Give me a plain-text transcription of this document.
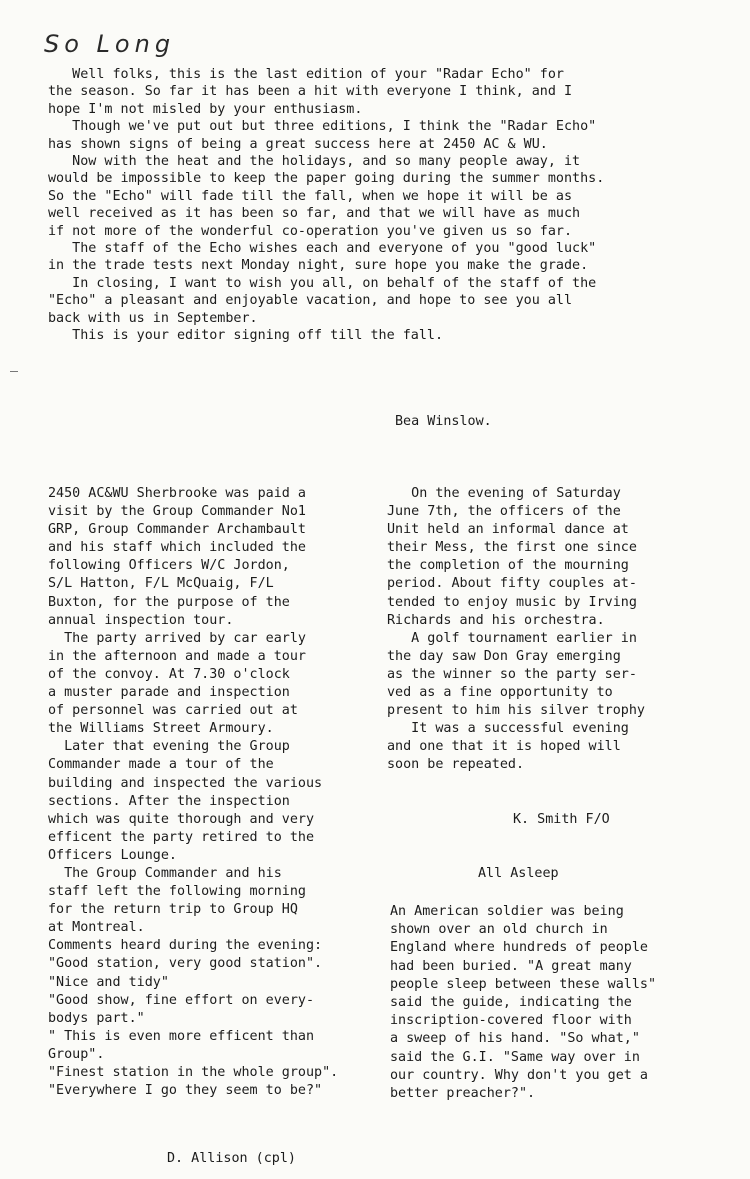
So Long

Well folks, this is the last edition of your "Radar Echo" for

the season. So far it has been a hit with everyone I think, and I

hope I'm not misled by your enthusiasm.

Though we've put out but three editions, I think the "Radar Echo"

has shown signs of being a great success here at 2450 AC & WU.

Now with the heat and the holidays, and so many people away, it

would be impossible to keep the paper going during the summer months.

So the "Echo" will fade till the fall, when we hope it will be as

well received as it has been so far, and that we will have as much

if not more of the wonderful co-operation you've given us so far.

The staff of the Echo wishes each and everyone of you "good luck"

in the trade tests next Monday night, sure hope you make the grade.

In closing, I want to wish you all, on behalf of the staff of the

"Echo" a pleasant and enjoyable vacation, and hope to see you all

back with us in September.

This is your editor signing off till the fall.

Bea Winslow.

2450 AC&WU Sherbrooke was paid a

visit by the Group Commander No1

GRP, Group Commander Archambault

and his staff which included the

following Officers W/C Jordon,

S/L Hatton, F/L McQuaig, F/L

Buxton, for the purpose of the

annual inspection tour.

The party arrived by car early

in the afternoon and made a tour

of the convoy. At 7.30 o'clock

a muster parade and inspection

of personnel was carried out at

the Williams Street Armoury.

Later that evening the Group

Commander made a tour of the

building and inspected the various

sections. After the inspection

which was quite thorough and very

efficent the party retired to the

Officers Lounge.

The Group Commander and his

staff left the following morning

for the return trip to Group HQ

at Montreal.

Comments heard during the evening:

"Good station, very good station".

"Nice and tidy"

"Good show, fine effort on every-

bodys part."

" This is even more efficent than

Group".

"Finest station in the whole group".

"Everywhere I go they seem to be?"

On the evening of Saturday

June 7th, the officers of the

Unit held an informal dance at

their Mess, the first one since

the completion of the mourning

period. About fifty couples at-

tended to enjoy music by Irving

Richards and his orchestra.

A golf tournament earlier in

the day saw Don Gray emerging

as the winner so the party ser-

ved as a fine opportunity to

present to him his silver trophy

It was a successful evening

and one that it is hoped will

soon be repeated.

K. Smith F/O
All Asleep

An American soldier was being

shown over an old church in

England where hundreds of people

had been buried. "A great many

people sleep between these walls"

said the guide, indicating the

inscription-covered floor with

a sweep of his hand. "So what,"

said the G.I. "Same way over in

our country. Why don't you get a

better preacher?".

D. Allison (cpl)
